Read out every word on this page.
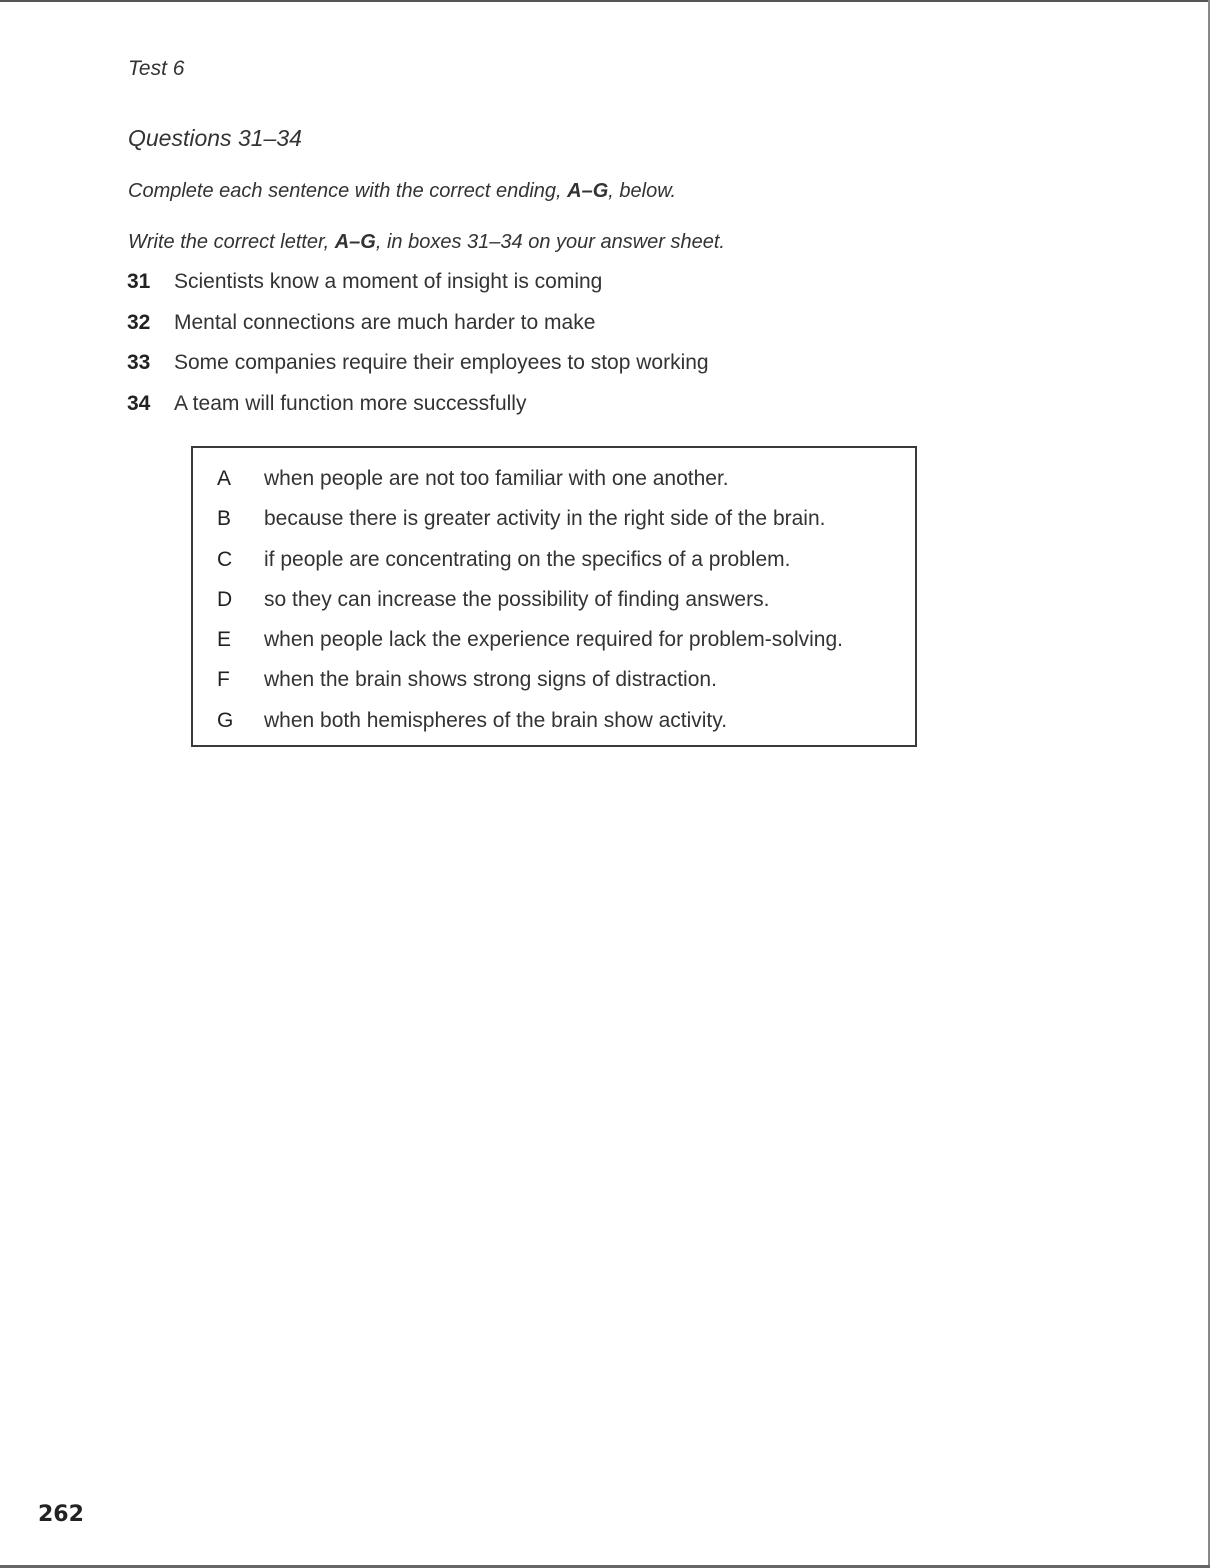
Test 6
Questions 31–34
Complete each sentence with the correct ending, A–G, below.
Write the correct letter, A–G, in boxes 31–34 on your answer sheet.
31	Scientists know a moment of insight is coming
32	Mental connections are much harder to make
33	Some companies require their employees to stop working
34	A team will function more successfully
A	when people are not too familiar with one another.
B	because there is greater activity in the right side of the brain.
C	if people are concentrating on the specifics of a problem.
D	so they can increase the possibility of finding answers.
E	when people lack the experience required for problem-solving.
F	when the brain shows strong signs of distraction.
G	when both hemispheres of the brain show activity.
262
